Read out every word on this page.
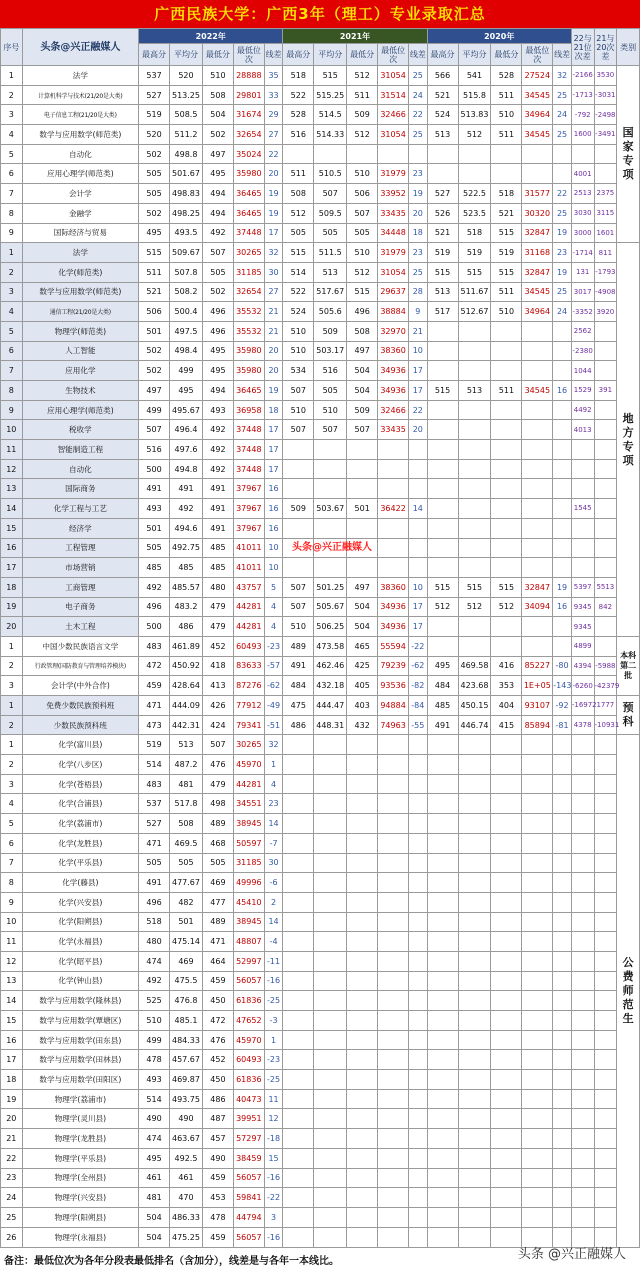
广西民族大学：广西3年（理工）专业录取汇总
序号	头条@兴正融媒人	2022年					2021年					2020年					22与21位次差	21与20次差	类别
		最高分	平均分	最低分	最低位次	线差	最高分	平均分	最低分	最低位次	线差	最高分	平均分	最低分	最低位次	线差			
1	法学	537	520	510	28888	35	518	515	512	31054	25	566	541	528	27524	32	-2166	3530	国家专项
2	计算机科学与技术(21/20是大类)	527	513.25	508	29801	33	522	515.25	511	31514	24	521	515.8	511	34545	25	-1713	-3031	
3	电子信息工程(21/20是大类)	519	508.5	504	31674	29	528	514.5	509	32466	22	524	513.83	510	34964	24	-792	-2498	
4	数学与应用数学(师范类)	520	511.2	502	32654	27	516	514.33	512	31054	25	513	512	511	34545	25	1600	-3491	
5	自动化	502	498.8	497	35024	22													
6	应用心理学(师范类)	505	501.67	495	35980	20	511	510.5	510	31979	23						4001		
7	会计学	505	498.83	494	36465	19	508	507	506	33952	19	527	522.5	518	31577	22	2513	2375	
8	金融学	502	498.25	494	36465	19	512	509.5	507	33435	20	526	523.5	521	30320	25	3030	3115	
9	国际经济与贸易	495	493.5	492	37448	17	505	505	505	34448	18	521	518	515	32847	19	3000	1601	
1	法学	515	509.67	507	30265	32	515	511.5	510	31979	23	519	519	519	31168	23	-1714	811	地方专项
2	化学(师范类)	511	507.8	505	31185	30	514	513	512	31054	25	515	515	515	32847	19	131	-1793	
3	数学与应用数学(师范类)	521	508.2	502	32654	27	522	517.67	515	29637	28	513	511.67	511	34545	25	3017	-4908	
4	通信工程(21/20是大类)	506	500.4	496	35532	21	524	505.6	496	38884	9	517	512.67	510	34964	24	-3352	3920	
5	物理学(师范类)	501	497.5	496	35532	21	510	509	508	32970	21						2562		
6	人工智能	502	498.4	495	35980	20	510	503.17	497	38360	10						-2380		
7	应用化学	502	499	495	35980	20	534	516	504	34936	17						1044		
8	生物技术	497	495	494	36465	19	507	505	504	34936	17	515	513	511	34545	16	1529	391	
9	应用心理学(师范类)	499	495.67	493	36958	18	510	510	509	32466	22						4492		
10	税收学	507	496.4	492	37448	17	507	507	507	33435	20						4013		
11	智能制造工程	516	497.6	492	37448	17													
12	自动化	500	494.8	492	37448	17													
13	国际商务	491	491	491	37967	16													
14	化学工程与工艺	493	492	491	37967	16	509	503.67	501	36422	14						1545		
15	经济学	501	494.6	491	37967	16													
16	工程管理	505	492.75	485	41011	10													
17	市场营销	485	485	485	41011	10													
18	工商管理	492	485.57	480	43757	5	507	501.25	497	38360	10	515	515	515	32847	19	5397	5513	
19	电子商务	496	483.2	479	44281	4	507	505.67	504	34936	17	512	512	512	34094	16	9345	842	
20	土木工程	500	486	479	44281	4	510	506.25	504	34936	17						9345		
1	中国少数民族语言文学	483	461.89	452	60493	-23	489	473.58	465	55594	-22						4899		本科第二批
2	行政管理(国防教育与管理培养模块)	472	450.92	418	83633	-57	491	462.46	425	79239	-62	495	469.58	416	85227	-80	4394	-5988	
3	会计学(中外合作)	459	428.64	413	87276	-62	484	432.18	405	93536	-82	484	423.68	353	1E+05	-143	-6260	-42379	
1	免费少数民族预科班	471	444.09	426	77912	-49	475	444.47	403	94884	-84	485	450.15	404	93107	-92	-16972	1777	预科
2	少数民族预科班	473	442.31	424	79341	-51	486	448.31	432	74963	-55	491	446.74	415	85894	-81	4378	-10931	
1	化学(富川县)	519	513	507	30265	32													公费师范生
2	化学(八步区)	514	487.2	476	45970	1													
3	化学(苍梧县)	483	481	479	44281	4													
4	化学(合浦县)	537	517.8	498	34551	23													
5	化学(荔浦市)	527	508	489	38945	14													
6	化学(龙胜县)	471	469.5	468	50597	-7													
7	化学(平乐县)	505	505	505	31185	30													
8	化学(藤县)	491	477.67	469	49996	-6													
9	化学(兴安县)	496	482	477	45410	2													
10	化学(阳朔县)	518	501	489	38945	14													
11	化学(永福县)	480	475.14	471	48807	-4													
12	化学(昭平县)	474	469	464	52997	-11													
13	化学(钟山县)	492	475.5	459	56057	-16													
14	数学与应用数学(隆林县)	525	476.8	450	61836	-25													
15	数学与应用数学(覃塘区)	510	485.1	472	47652	-3													
16	数学与应用数学(田东县)	499	484.33	476	45970	1													
17	数学与应用数学(田林县)	478	457.67	452	60493	-23													
18	数学与应用数学(田阳区)	493	469.87	450	61836	-25													
19	物理学(荔浦市)	514	493.75	486	40473	11													
20	物理学(灵川县)	490	490	487	39951	12													
21	物理学(龙胜县)	474	463.67	457	57297	-18													
22	物理学(平乐县)	495	492.5	490	38459	15													
23	物理学(全州县)	461	461	459	56057	-16													
24	物理学(兴安县)	481	470	453	59841	-22													
25	物理学(阳朔县)	504	486.33	478	44794	3													
26	物理学(永福县)	504	475.25	459	56057	-16													
头条@兴正融媒人
备注：最低位次为各年分段表最低排名（含加分），线差是与各年一本线比。	头条 @兴正融媒人
